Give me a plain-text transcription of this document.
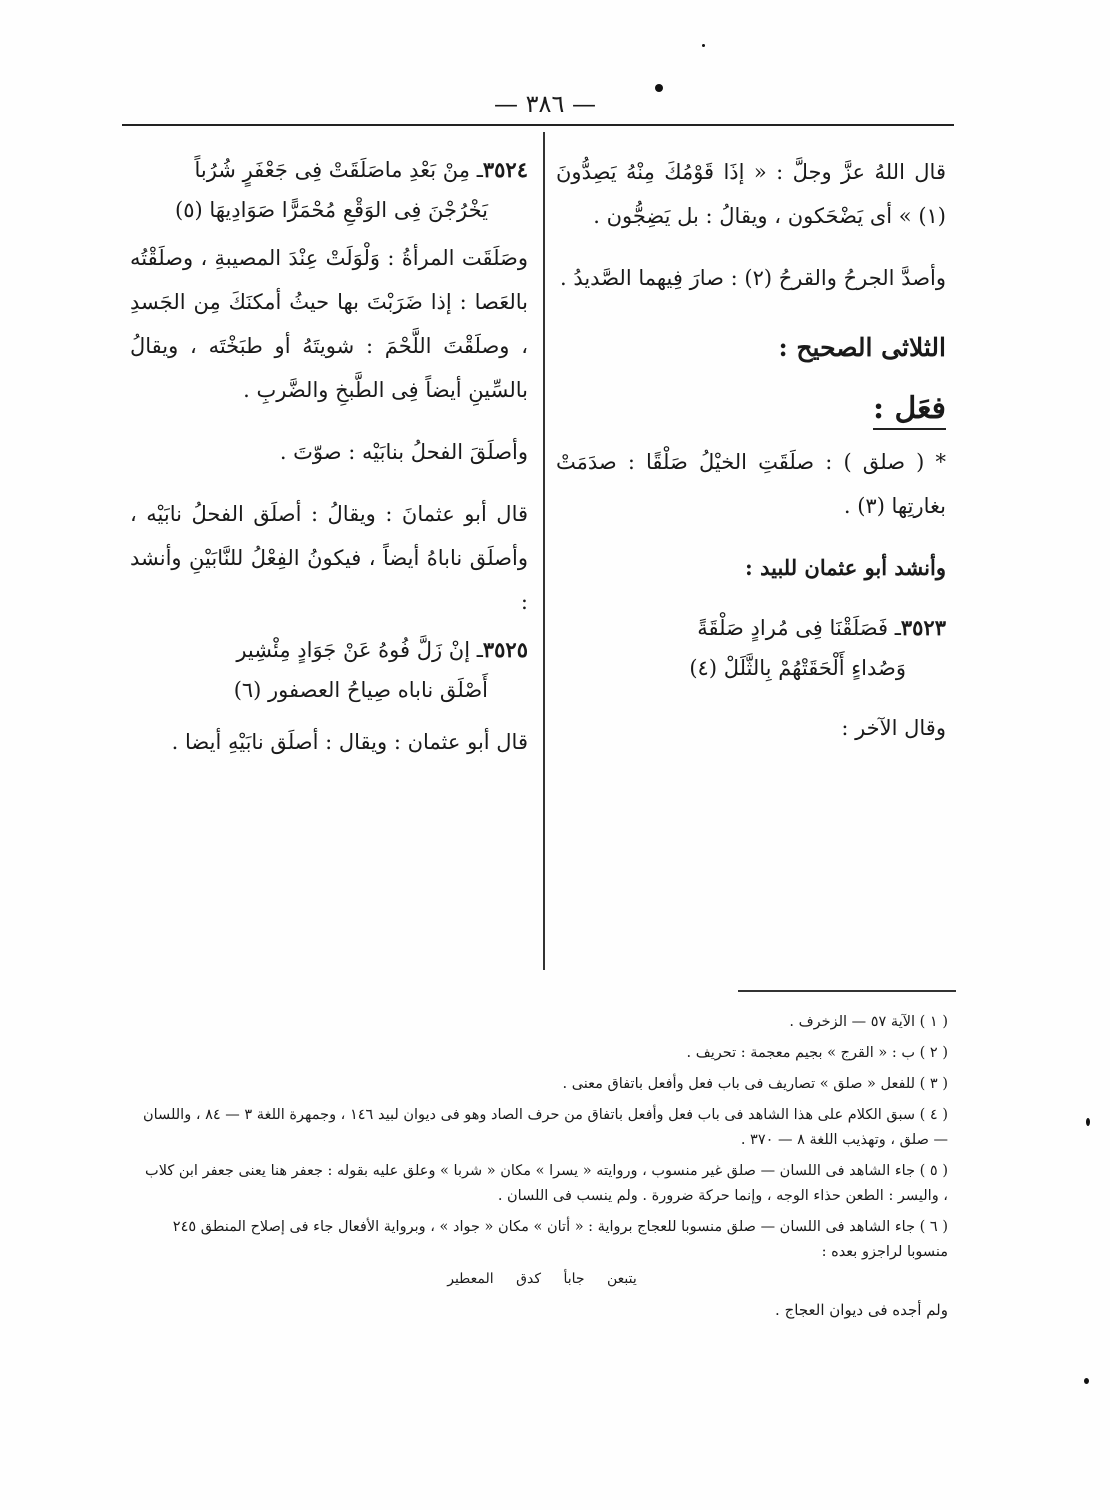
— ٣٨٦ —

قال اللهُ عزَّ وجلَّ : « إذَا قَوْمُكَ مِنْهُ يَصِدُّونَ (١) » أى يَضْحَكون ، ويقالُ : بل يَضِجُّون .

وأصدَّ الجرحُ والقرحُ (٢) : صارَ فِيهما الصَّديدُ .

الثلاثى الصحيح :

فعَل :

* ( صلق ) : صلَقَتِ الخيْلُ صَلْقًا : صدَمَتْ بغارتِها (٣) .

وأنشد أبو عثمان للبيد :

٣٥٢٣ـ فَصَلَقْنَا فِى مُرادٍ صَلْقَةً

وَصُداءٍ أَلْحَقَتْهُمْ بِالثَّلَلْ (٤)

وقال الآخر :

٣٥٢٤ـ مِنْ بَعْدِ ماصَلَقَتْ فِى جَعْفَرٍ شُرُباً

يَخْرُجْنَ فِى الوَقْعِ مُحْمَرًّا صَوَادِيهَا (٥)

وصَلَقَت المرأةُ : وَلْوَلَتْ عِنْدَ المصيبةِ ، وصلَقْتُه بالعَصا : إذا ضَرَبْتَ بها حيثُ أمكنَكَ مِن الجَسدِ ، وصلَقْتَ اللَّحْمَ : شويتَهُ أو طبَخْتَه ، ويقالُ بالسِّينِ أيضاً فِى الطَّبخِ والضَّربِ .

وأصلَقَ الفحلُ بنابَيْه : صوّتَ .

قال أبو عثمانَ : ويقالُ : أصلَق الفحلُ نابَيْه ، وأصلَق ناباهُ أيضاً ، فيكونُ الفِعْلُ للنَّابَيْنِ وأنشد :

٣٥٢٥ـ إنْ زَلَّ فُوهُ عَنْ جَوَادٍ مِئْشِير

أَصْلَق ناباه صِياحُ العصفور (٦)

قال أبو عثمان : ويقال : أصلَق نابَيْهِ أيضا .

( ١ ) الآية ٥٧ — الزخرف .

( ٢ ) ب : « القرج » بجيم معجمة : تحريف .

( ٣ ) للفعل « صلق » تصاريف فى باب فعل وأفعل باتفاق معنى .

( ٤ ) سبق الكلام على هذا الشاهد فى باب فعل وأفعل باتفاق من حرف الصاد وهو فى ديوان لبيد ١٤٦ ، وجمهرة اللغة ٣ — ٨٤ ، واللسان — صلق ، وتهذيب اللغة ٨ — ٣٧٠ .

( ٥ ) جاء الشاهد فى اللسان — صلق غير منسوب ، وروايته « يسرا » مكان « شربا » وعلق عليه بقوله : جعفر هنا يعنى جعفر ابن كلاب ، واليسر : الطعن حذاء الوجه ، وإنما حركة ضرورة . ولم ينسب فى اللسان .

( ٦ ) جاء الشاهد فى اللسان — صلق منسوبا للعجاج برواية : « أتان » مكان « جواد » ، وبرواية الأفعال جاء فى إصلاح المنطق ٢٤٥ منسوبا لراجزو بعده :

يتبعن جابأ كدق المعطير

ولم أجده فى ديوان العجاج .
